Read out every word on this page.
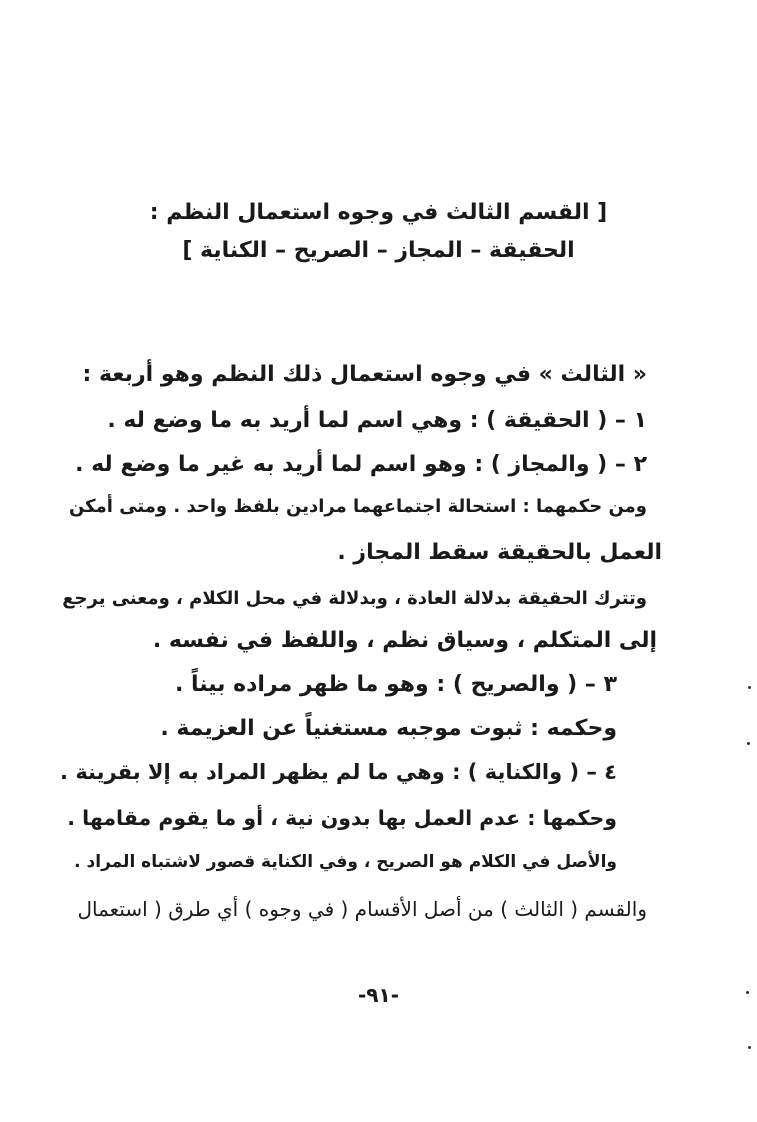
[ القسم الثالث في وجوه استعمال النظم :
الحقيقة – المجاز – الصريح – الكناية ]
« الثالث » في وجوه استعمال ذلك النظم وهو أربعة :
١ – ( الحقيقة ) : وهي اسم لما أريد به ما وضع له .
٢ – ( والمجاز ) : وهو اسم لما أريد به غير ما وضع له .
ومن حكمهما : استحالة اجتماعهما مرادين بلفظ واحد . ومتى أمكن
العمل بالحقيقة سقط المجاز .
وتترك الحقيقة بدلالة العادة ، وبدلالة في محل الكلام ، ومعنى يرجع
إلى المتكلم ، وسياق نظم ، واللفظ في نفسه .
٣ – ( والصريح ) : وهو ما ظهر مراده بيناً .
وحكمه : ثبوت موجبه مستغنياً عن العزيمة .
٤ – ( والكناية ) : وهي ما لم يظهر المراد به إلا بقرينة .
وحكمها : عدم العمل بها بدون نية ، أو ما يقوم مقامها .
والأصل في الكلام هو الصريح ، وفي الكناية قصور لاشتباه المراد .
والقسم ( الثالث ) من أصل الأقسام ( في وجوه ) أي طرق ( استعمال
-٩١-
